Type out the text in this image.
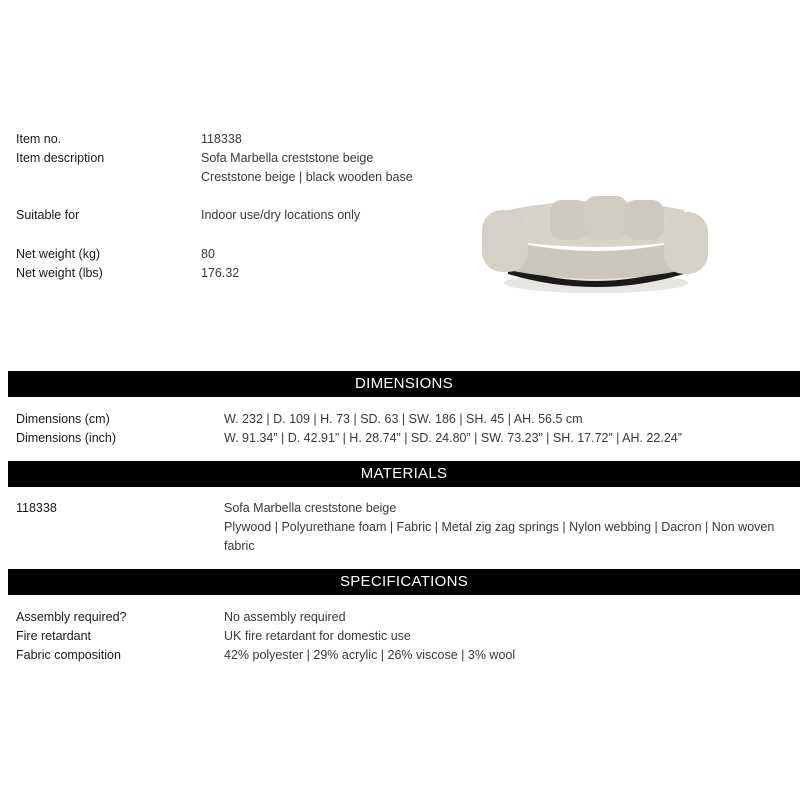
Item no.	118338
Item description	Sofa Marbella creststone beige
Creststone beige | black wooden base
Suitable for	Indoor use/dry locations only
Net weight (kg)	80
Net weight (lbs)	176.32
DIMENSIONS
Dimensions (cm)	W. 232 | D. 109 | H. 73 | SD. 63 | SW. 186 | SH. 45 | AH. 56.5 cm
Dimensions (inch)	W. 91.34” | D. 42.91” | H. 28.74” | SD. 24.80” | SW. 73.23” | SH. 17.72” | AH. 22.24”
MATERIALS
118338	Sofa Marbella creststone beige
Plywood | Polyurethane foam | Fabric | Metal zig zag springs | Nylon webbing | Dacron | Non woven fabric
SPECIFICATIONS
Assembly required?	No assembly required
Fire retardant	UK fire retardant for domestic use
Fabric composition	42% polyester | 29% acrylic | 26% viscose | 3% wool
